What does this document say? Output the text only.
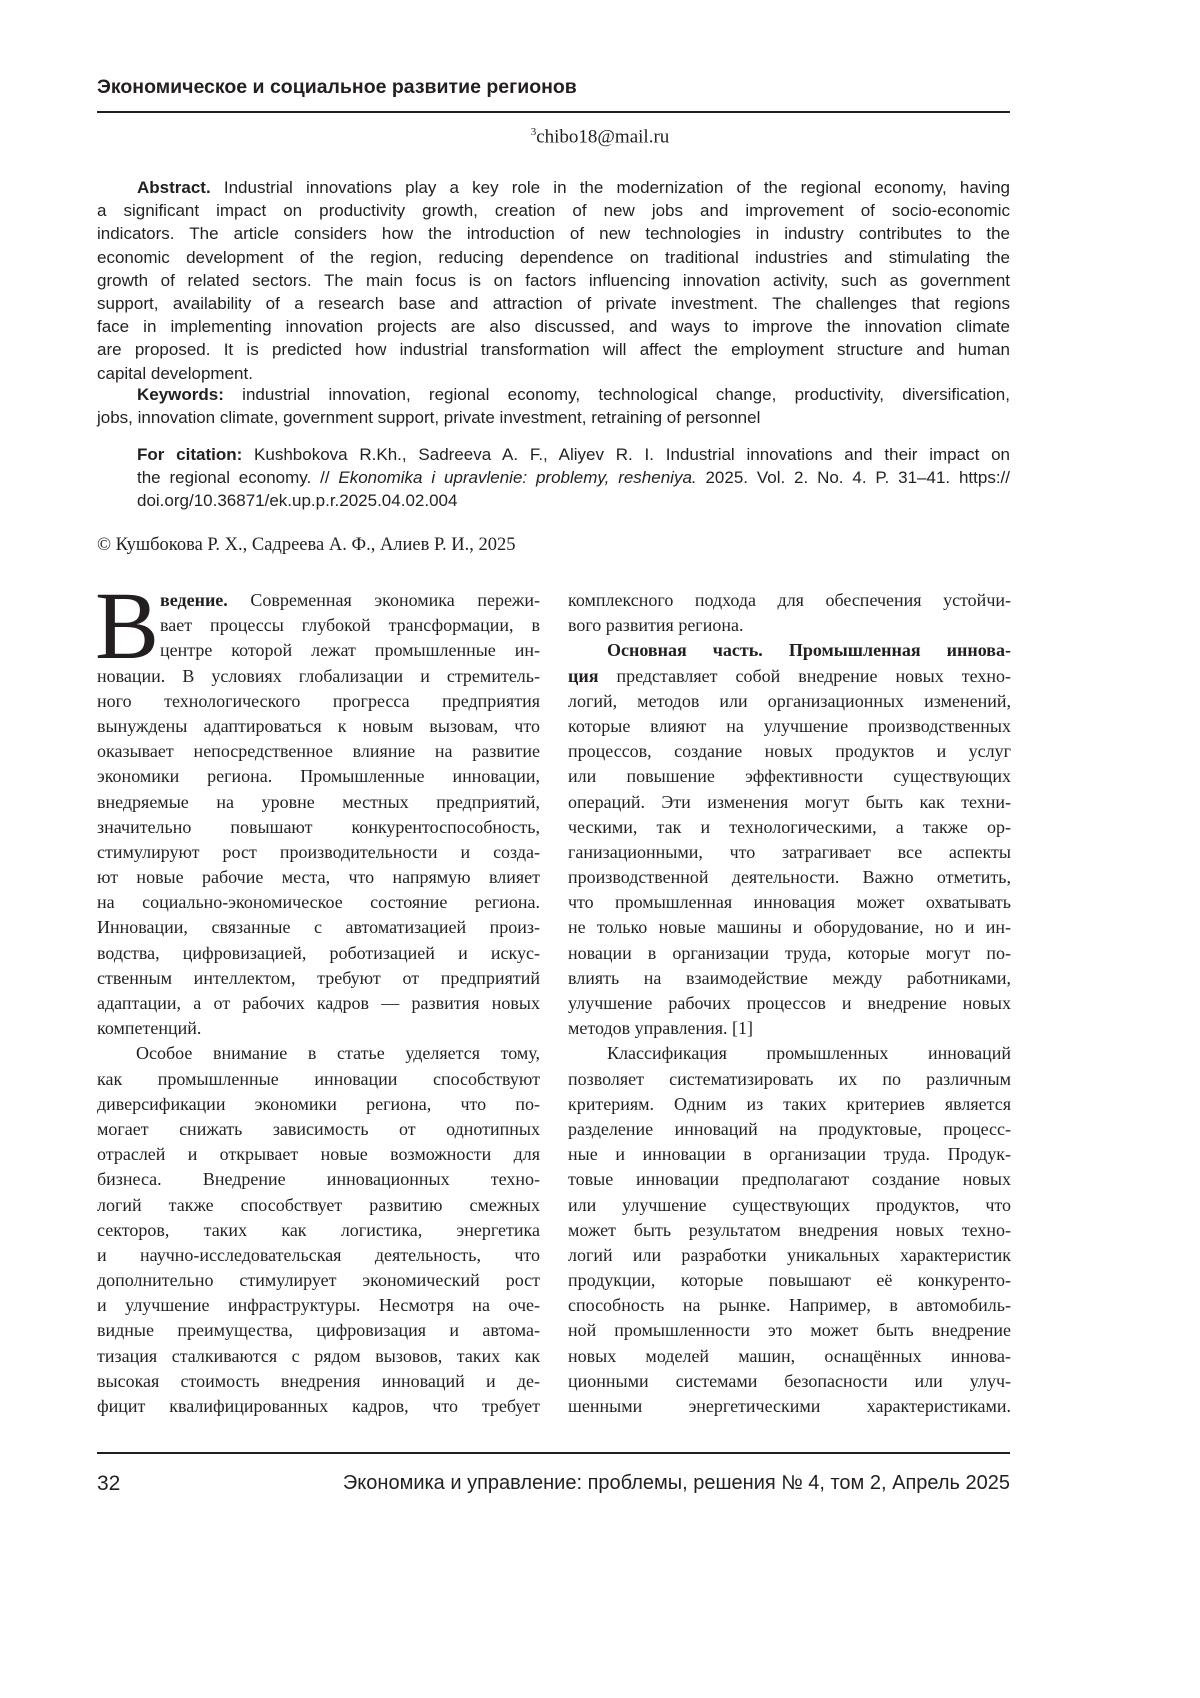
Экономическое и социальное развитие регионов
3chibo18@mail.ru
Abstract. Industrial innovations play a key role in the modernization of the regional economy, having
a significant impact on productivity growth, creation of new jobs and improvement of socio-economic
indicators. The article considers how the introduction of new technologies in industry contributes to the
economic development of the region, reducing dependence on traditional industries and stimulating the
growth of related sectors. The main focus is on factors influencing innovation activity, such as government
support, availability of a research base and attraction of private investment. The challenges that regions
face in implementing innovation projects are also discussed, and ways to improve the innovation climate
are proposed. It is predicted how industrial transformation will affect the employment structure and human
capital development.
Keywords: industrial innovation, regional economy, technological change, productivity, diversification,
jobs, innovation climate, government support, private investment, retraining of personnel
For citation: Kushbokova R.Kh., Sadreeva A. F., Aliyev R. I. Industrial innovations and their impact on
the regional economy. // Ekonomika i upravlenie: problemy, resheniya. 2025. Vol. 2. No. 4. P. 31–41. https://
doi.org/10.36871/ek.up.p.r.2025.04.02.004
© Кушбокова Р. Х., Садреева А. Ф., Алиев Р. И., 2025
В ведение. Современная экономика пережи-
вает процессы глубокой трансформации, в
центре которой лежат промышленные ин-
новации. В условиях глобализации и стремитель-
ного технологического прогресса предприятия
вынуждены адаптироваться к новым вызовам, что
оказывает непосредственное влияние на развитие
экономики региона. Промышленные инновации,
внедряемые на уровне местных предприятий,
значительно повышают конкурентоспособность,
стимулируют рост производительности и созда-
ют новые рабочие места, что напрямую влияет
на социально-экономическое состояние региона.
Инновации, связанные с автоматизацией произ-
водства, цифровизацией, роботизацией и искус-
ственным интеллектом, требуют от предприятий
адаптации, а от рабочих кадров — развития новых
компетенций.
Особое внимание в статье уделяется тому,
как промышленные инновации способствуют
диверсификации экономики региона, что по-
могает снижать зависимость от однотипных
отраслей и открывает новые возможности для
бизнеса. Внедрение инновационных техно-
логий также способствует развитию смежных
секторов, таких как логистика, энергетика
и научно-исследовательская деятельность, что
дополнительно стимулирует экономический рост
и улучшение инфраструктуры. Несмотря на оче-
видные преимущества, цифровизация и автома-
тизация сталкиваются с рядом вызовов, таких как
высокая стоимость внедрения инноваций и де-
фицит квалифицированных кадров, что требует
комплексного подхода для обеспечения устойчи-
вого развития региона.
Основная часть. Промышленная иннова-
ция представляет собой внедрение новых техно-
логий, методов или организационных изменений,
которые влияют на улучшение производственных
процессов, создание новых продуктов и услуг
или повышение эффективности существующих
операций. Эти изменения могут быть как техни-
ческими, так и технологическими, а также ор-
ганизационными, что затрагивает все аспекты
производственной деятельности. Важно отметить,
что промышленная инновация может охватывать
не только новые машины и оборудование, но и ин-
новации в организации труда, которые могут по-
влиять на взаимодействие между работниками,
улучшение рабочих процессов и внедрение новых
методов управления. [1]
Классификация промышленных инноваций
позволяет систематизировать их по различным
критериям. Одним из таких критериев является
разделение инноваций на продуктовые, процесс-
ные и инновации в организации труда. Продук-
товые инновации предполагают создание новых
или улучшение существующих продуктов, что
может быть результатом внедрения новых техно-
логий или разработки уникальных характеристик
продукции, которые повышают её конкуренто-
способность на рынке. Например, в автомобиль-
ной промышленности это может быть внедрение
новых моделей машин, оснащённых иннова-
ционными системами безопасности или улуч-
шенными энергетическими характеристиками.
32	Экономика и управление: проблемы, решения № 4, том 2, Апрель 2025
